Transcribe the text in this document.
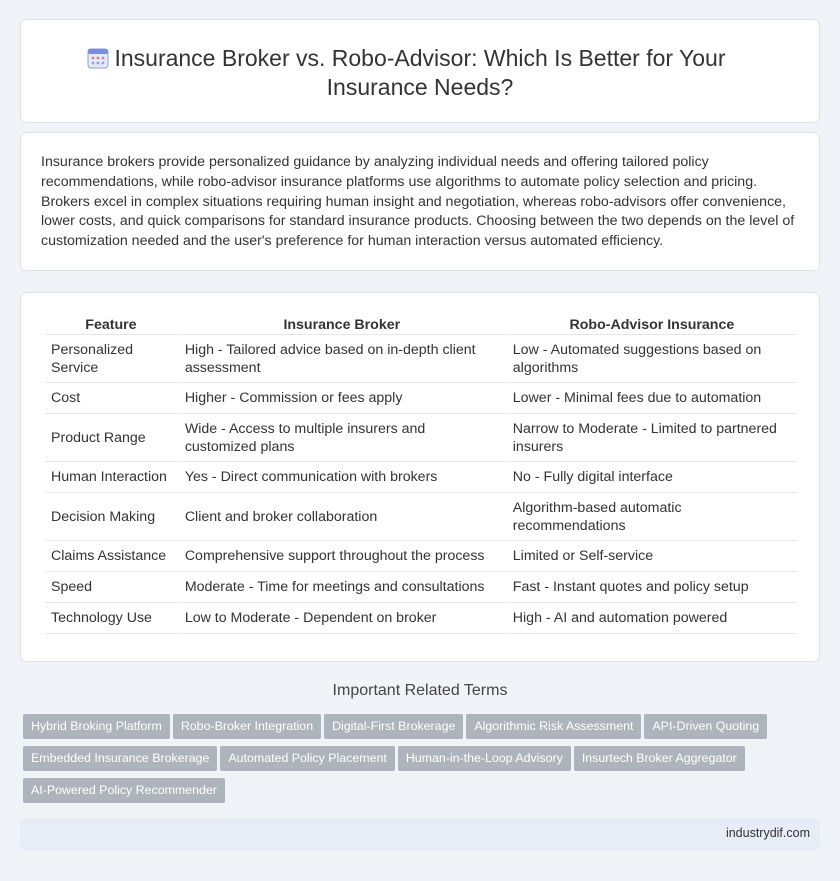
Insurance Broker vs. Robo-Advisor: Which Is Better for Your Insurance Needs?

Insurance brokers provide personalized guidance by analyzing individual needs and offering tailored policy recommendations, while robo-advisor insurance platforms use algorithms to automate policy selection and pricing. Brokers excel in complex situations requiring human insight and negotiation, whereas robo-advisors offer convenience, lower costs, and quick comparisons for standard insurance products. Choosing between the two depends on the level of customization needed and the user's preference for human interaction versus automated efficiency.

Feature	Insurance Broker	Robo-Advisor Insurance
Personalized Service	High - Tailored advice based on in-depth client assessment	Low - Automated suggestions based on algorithms
Cost	Higher - Commission or fees apply	Lower - Minimal fees due to automation
Product Range	Wide - Access to multiple insurers and customized plans	Narrow to Moderate - Limited to partnered insurers
Human Interaction	Yes - Direct communication with brokers	No - Fully digital interface
Decision Making	Client and broker collaboration	Algorithm-based automatic recommendations
Claims Assistance	Comprehensive support throughout the process	Limited or Self-service
Speed	Moderate - Time for meetings and consultations	Fast - Instant quotes and policy setup
Technology Use	Low to Moderate - Dependent on broker	High - AI and automation powered
Important Related Terms
Hybrid Broking Platform Robo-Broker Integration Digital-First Brokerage Algorithmic Risk Assessment API-Driven Quoting
Embedded Insurance Brokerage Automated Policy Placement Human-in-the-Loop Advisory Insurtech Broker Aggregator
AI-Powered Policy Recommender
industrydif.com
